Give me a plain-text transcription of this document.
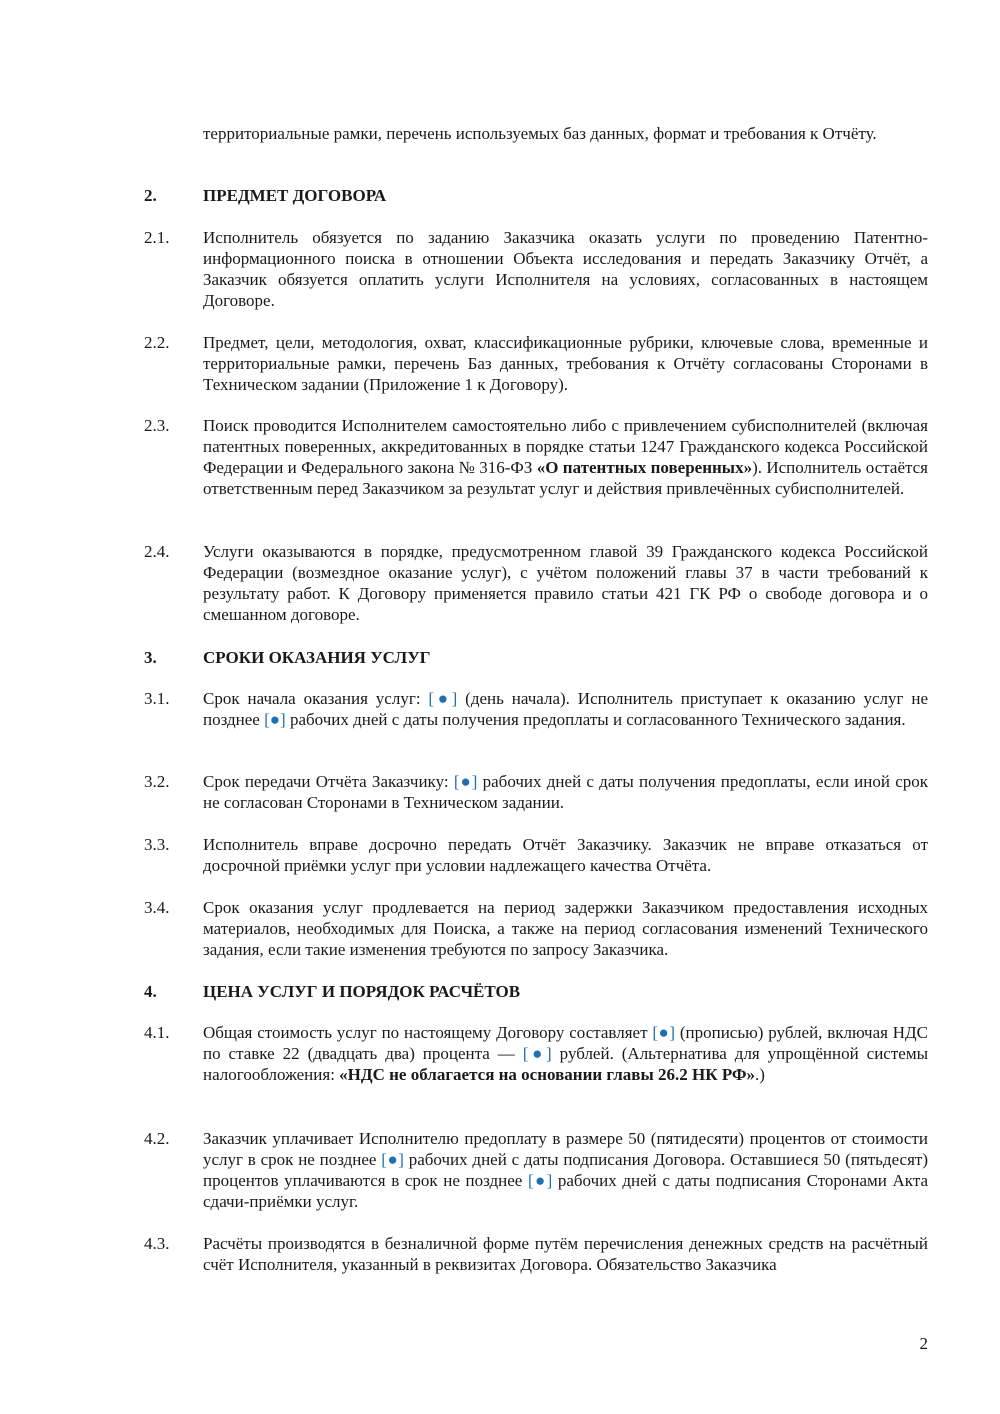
территориальные рамки, перечень используемых баз данных, формат и требования к Отчёту.
2.	ПРЕДМЕТ ДОГОВОРА
2.1. Исполнитель обязуется по заданию Заказчика оказать услуги по проведению Патентно-информационного поиска в отношении Объекта исследования и передать Заказчику Отчёт, а Заказчик обязуется оплатить услуги Исполнителя на условиях, согласованных в настоящем Договоре.
2.2. Предмет, цели, методология, охват, классификационные рубрики, ключевые слова, временные и территориальные рамки, перечень Баз данных, требования к Отчёту согласованы Сторонами в Техническом задании (Приложение 1 к Договору).
2.3. Поиск проводится Исполнителем самостоятельно либо с привлечением субисполнителей (включая патентных поверенных, аккредитованных в порядке статьи 1247 Гражданского кодекса Российской Федерации и Федерального закона № 316-ФЗ «О патентных поверенных»). Исполнитель остаётся ответственным перед Заказчиком за результат услуг и действия привлечённых субисполнителей.
2.4. Услуги оказываются в порядке, предусмотренном главой 39 Гражданского кодекса Российской Федерации (возмездное оказание услуг), с учётом положений главы 37 в части требований к результату работ. К Договору применяется правило статьи 421 ГК РФ о свободе договора и о смешанном договоре.
3.	СРОКИ ОКАЗАНИЯ УСЛУГ
3.1. Срок начала оказания услуг: [●] (день начала). Исполнитель приступает к оказанию услуг не позднее [●] рабочих дней с даты получения предоплаты и согласованного Технического задания.
3.2. Срок передачи Отчёта Заказчику: [●] рабочих дней с даты получения предоплаты, если иной срок не согласован Сторонами в Техническом задании.
3.3. Исполнитель вправе досрочно передать Отчёт Заказчику. Заказчик не вправе отказаться от досрочной приёмки услуг при условии надлежащего качества Отчёта.
3.4. Срок оказания услуг продлевается на период задержки Заказчиком предоставления исходных материалов, необходимых для Поиска, а также на период согласования изменений Технического задания, если такие изменения требуются по запросу Заказчика.
4.	ЦЕНА УСЛУГ И ПОРЯДОК РАСЧЁТОВ
4.1. Общая стоимость услуг по настоящему Договору составляет [●] (прописью) рублей, включая НДС по ставке 22 (двадцать два) процента — [●] рублей. (Альтернатива для упрощённой системы налогообложения: «НДС не облагается на основании главы 26.2 НК РФ».)
4.2. Заказчик уплачивает Исполнителю предоплату в размере 50 (пятидесяти) процентов от стоимости услуг в срок не позднее [●] рабочих дней с даты подписания Договора. Оставшиеся 50 (пятьдесят) процентов уплачиваются в срок не позднее [●] рабочих дней с даты подписания Сторонами Акта сдачи-приёмки услуг.
4.3. Расчёты производятся в безналичной форме путём перечисления денежных средств на расчётный счёт Исполнителя, указанный в реквизитах Договора. Обязательство Заказчика
2
